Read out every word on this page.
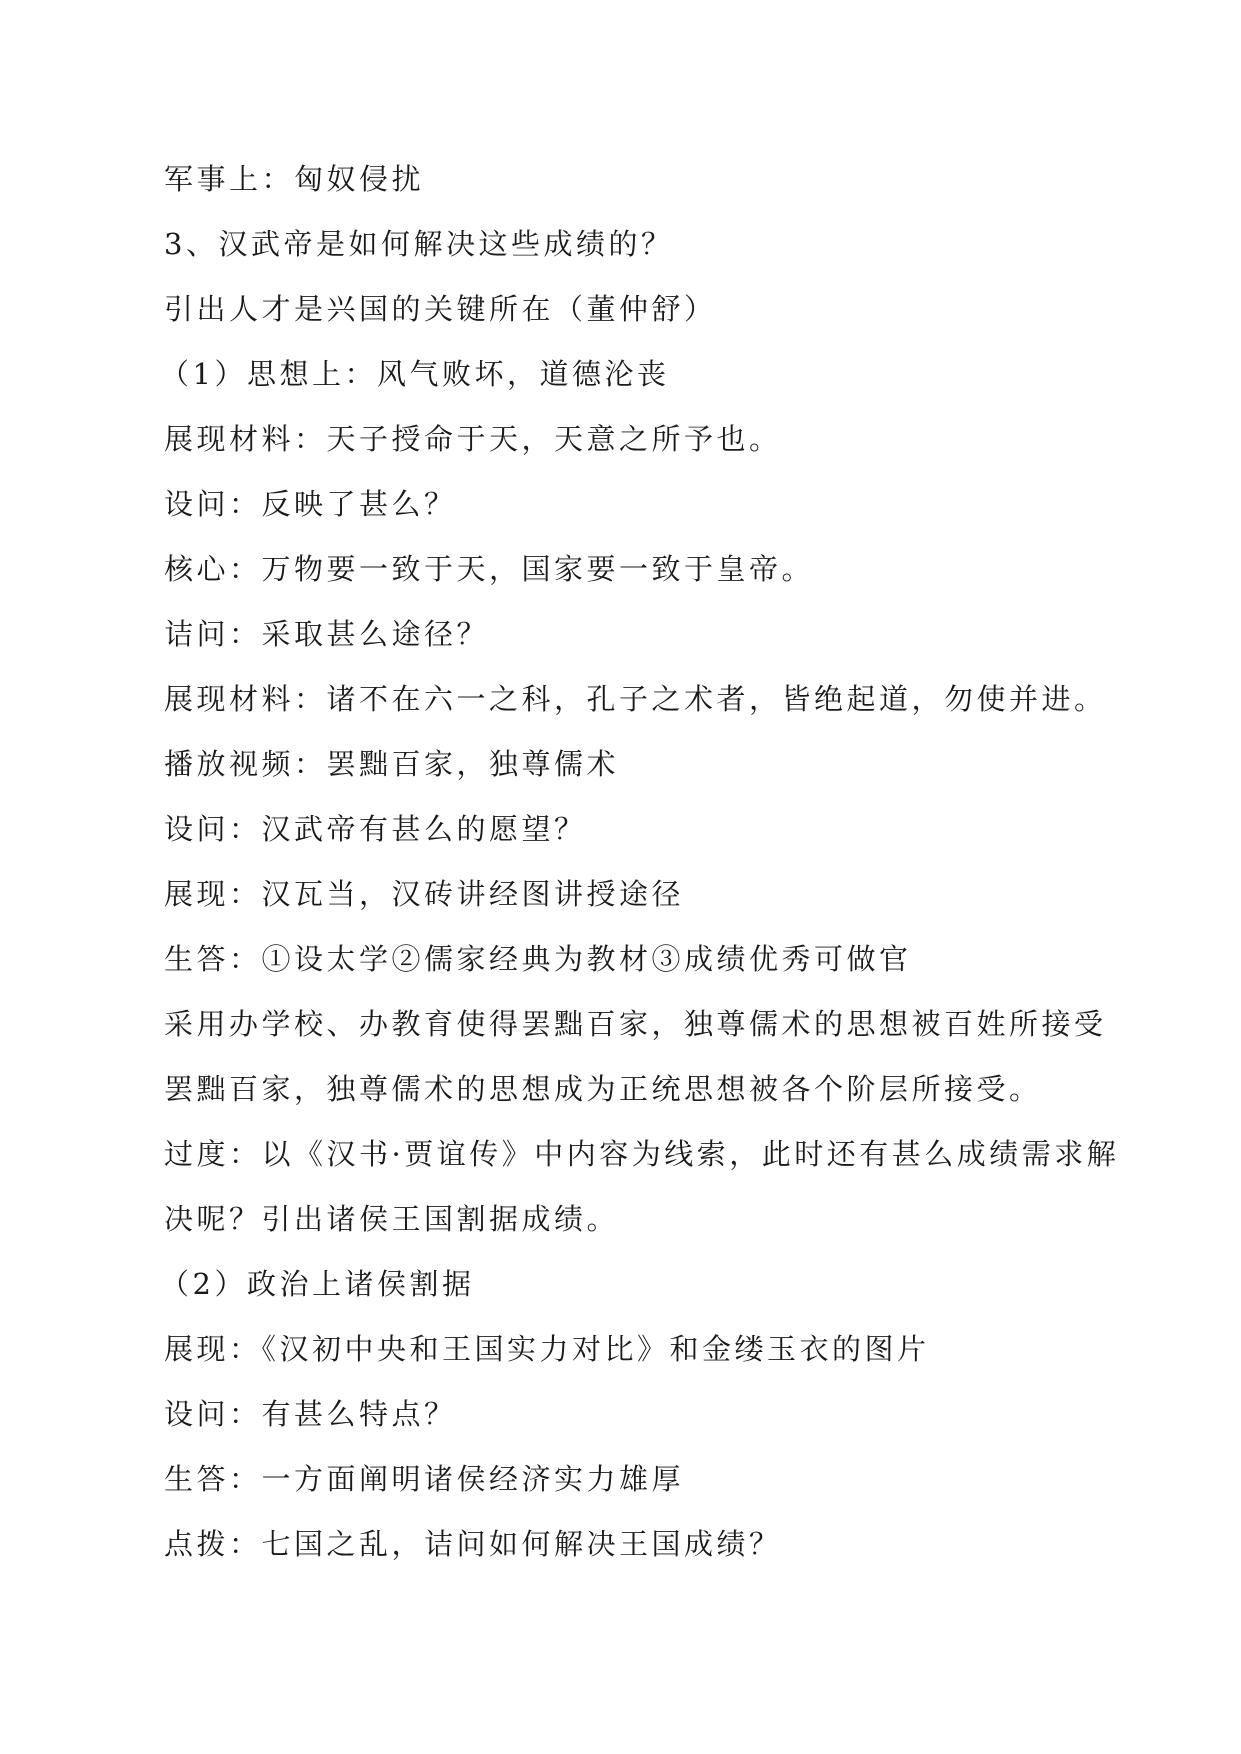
军事上：匈奴侵扰
3、汉武帝是如何解决这些成绩的？
引出人才是兴国的关键所在（董仲舒）
（1）思想上：风气败坏，道德沦丧
展现材料：天子授命于天，天意之所予也。
设问：反映了甚么？
核心：万物要一致于天，国家要一致于皇帝。
诘问：采取甚么途径？
展现材料：诸不在六一之科，孔子之术者，皆绝起道，勿使并进。
播放视频：罢黜百家，独尊儒术
设问：汉武帝有甚么的愿望？
展现：汉瓦当，汉砖讲经图讲授途径
生答：①设太学②儒家经典为教材③成绩优秀可做官
采用办学校、办教育使得罢黜百家，独尊儒术的思想被百姓所接受
罢黜百家，独尊儒术的思想成为正统思想被各个阶层所接受。
过度：以《汉书·贾谊传》中内容为线索，此时还有甚么成绩需求解
决呢？引出诸侯王国割据成绩。
（2）政治上诸侯割据
展现：《汉初中央和王国实力对比》和金缕玉衣的图片
设问：有甚么特点？
生答：一方面阐明诸侯经济实力雄厚
点拨：七国之乱，诘问如何解决王国成绩？
